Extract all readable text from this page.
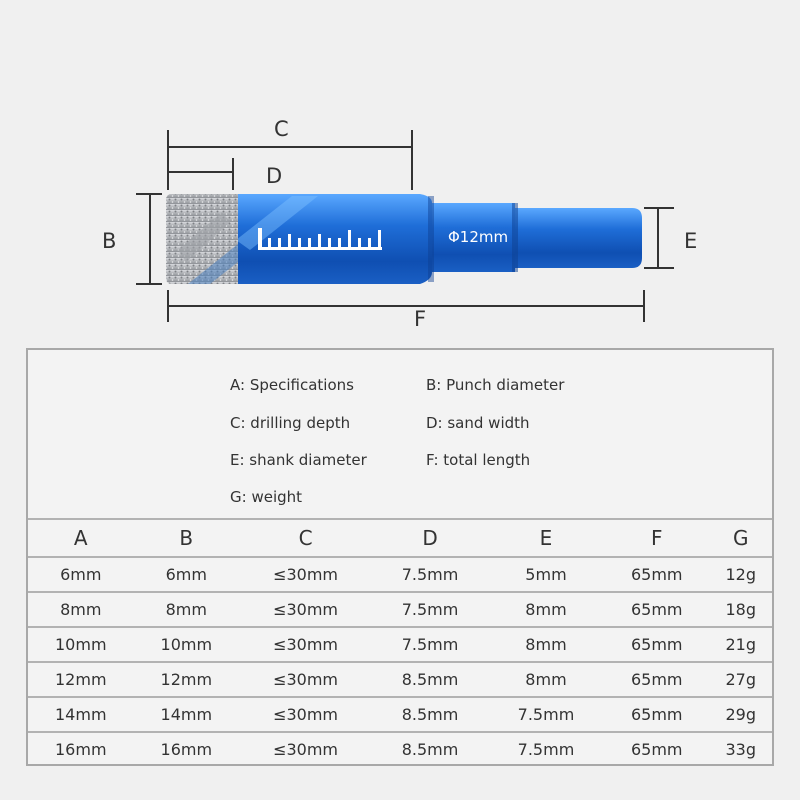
Φ12mm
C
D
B	E
F
A: Specifications	B: Punch diameter
C: drilling depth	D: sand width
E: shank diameter	F: total length
G: weight
A	B	C	D	E	F	G
6mm	6mm	≤30mm	7.5mm	5mm	65mm	12g
8mm	8mm	≤30mm	7.5mm	8mm	65mm	18g
10mm	10mm	≤30mm	7.5mm	8mm	65mm	21g
12mm	12mm	≤30mm	8.5mm	8mm	65mm	27g
14mm	14mm	≤30mm	8.5mm	7.5mm	65mm	29g
16mm	16mm	≤30mm	8.5mm	7.5mm	65mm	33g
